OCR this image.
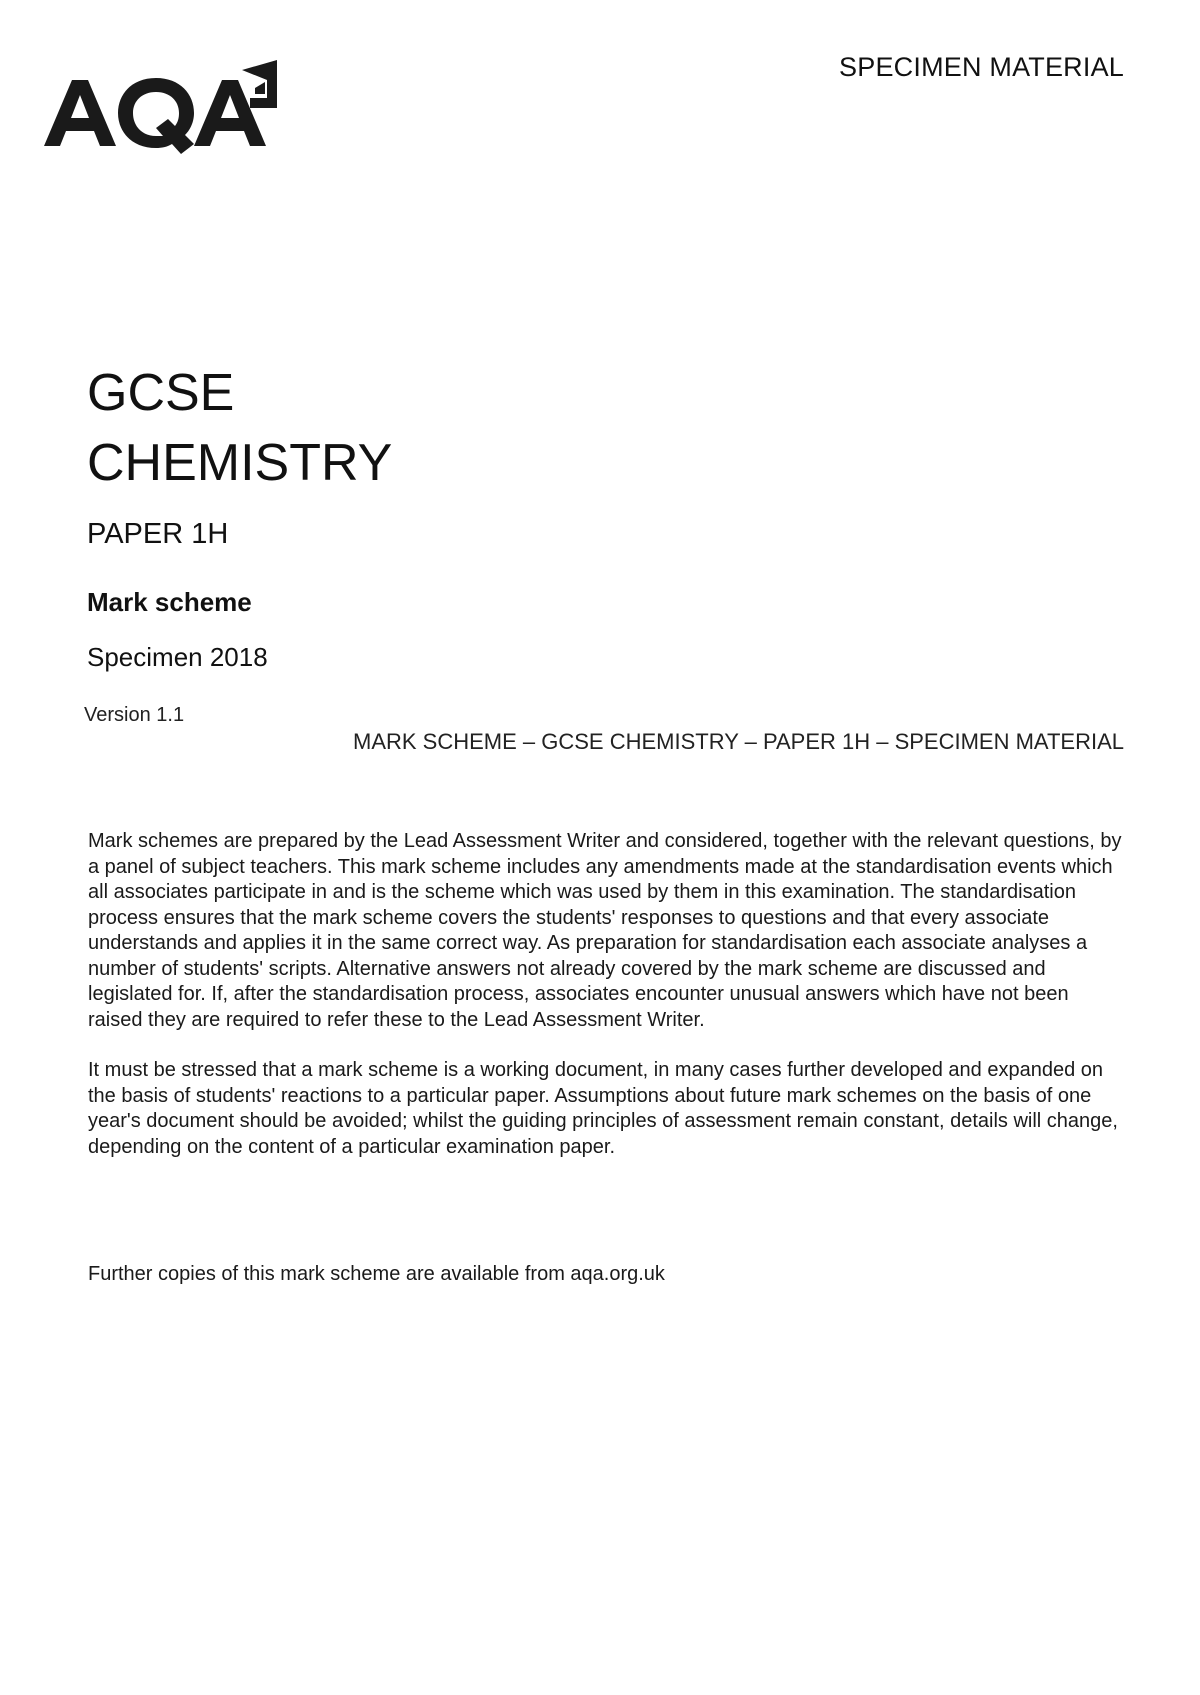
SPECIMEN MATERIAL
GCSE
CHEMISTRY
PAPER 1H
Mark scheme
Specimen 2018
Version 1.1
MARK SCHEME – GCSE CHEMISTRY – PAPER 1H – SPECIMEN MATERIAL

Mark schemes are prepared by the Lead Assessment Writer and considered, together with the relevant questions, by a panel of subject teachers. This mark scheme includes any amendments made at the standardisation events which all associates participate in and is the scheme which was used by them in this examination. The standardisation process ensures that the mark scheme covers the students' responses to questions and that every associate understands and applies it in the same correct way. As preparation for standardisation each associate analyses a number of students' scripts. Alternative answers not already covered by the mark scheme are discussed and legislated for. If, after the standardisation process, associates encounter unusual answers which have not been raised they are required to refer these to the Lead Assessment Writer.

It must be stressed that a mark scheme is a working document, in many cases further developed and expanded on the basis of students' reactions to a particular paper. Assumptions about future mark schemes on the basis of one year's document should be avoided; whilst the guiding principles of assessment remain constant, details will change, depending on the content of a particular examination paper.

Further copies of this mark scheme are available from aqa.org.uk
